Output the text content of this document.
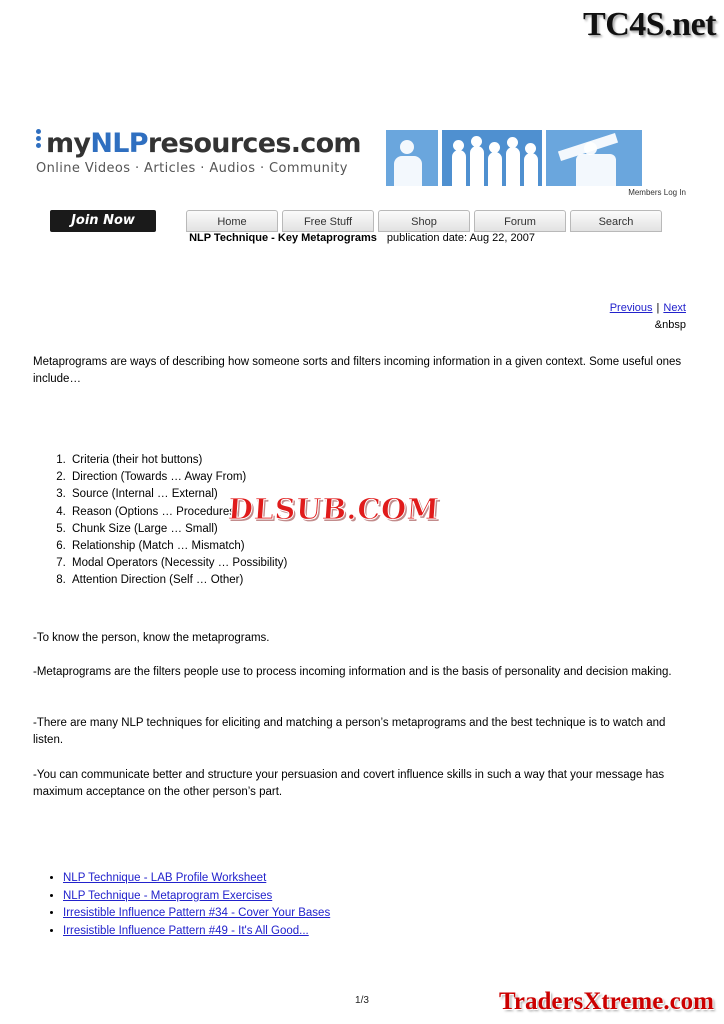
TC4S.net
myNLPresources.com
Online Videos · Articles · Audios · Community
Members Log In
Join Now	Home	Free Stuff	Shop	Forum	Search
NLP Technique - Key Metaprograms publication date: Aug 22, 2007
Previous | Next
&nbsp
Metaprograms are ways of describing how someone sorts and filters incoming information in a given context. Some useful ones include…
1. Criteria (their hot buttons)
2. Direction (Towards … Away From)
3. Source (Internal … External)
4. Reason (Options … Procedures)
5. Chunk Size (Large … Small)
6. Relationship (Match … Mismatch)
7. Modal Operators (Necessity … Possibility)
8. Attention Direction (Self … Other)
DLSUB.COM
-To know the person, know the metaprograms.
-Metaprograms are the filters people use to process incoming information and is the basis of personality and decision making.
-There are many NLP techniques for eliciting and matching a person’s metaprograms and the best technique is to watch and listen.
-You can communicate better and structure your persuasion and covert influence skills in such a way that your message has maximum acceptance on the other person’s part.
• NLP Technique - LAB Profile Worksheet
• NLP Technique - Metaprogram Exercises
• Irresistible Influence Pattern #34 - Cover Your Bases
• Irresistible Influence Pattern #49 - It's All Good...
1/3	TradersXtreme.com
